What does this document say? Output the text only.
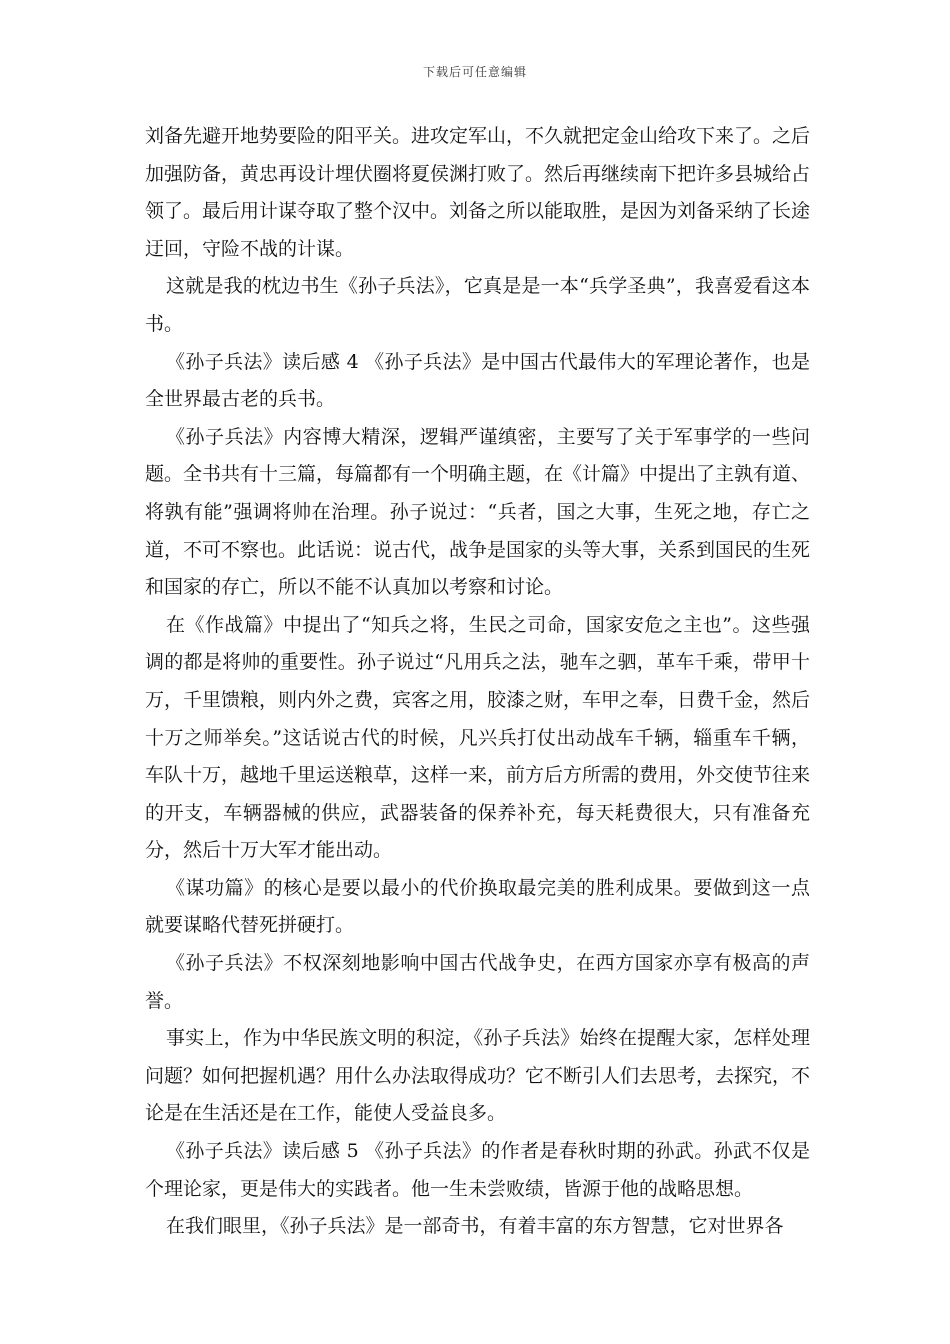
下载后可任意编辑

刘备先避开地势要险的阳平关。进攻定军山，不久就把定金山给攻下来了。之后加强防备，黄忠再设计埋伏圈将夏侯渊打败了。然后再继续南下把许多县城给占领了。最后用计谋夺取了整个汉中。刘备之所以能取胜，是因为刘备采纳了长途迂回，守险不战的计谋。

这就是我的枕边书生《孙子兵法》，它真是是一本“兵学圣典”，我喜爱看这本书。

《孙子兵法》读后感 4 《孙子兵法》是中国古代最伟大的军理论著作，也是全世界最古老的兵书。

《孙子兵法》内容博大精深，逻辑严谨缜密，主要写了关于军事学的一些问题。全书共有十三篇，每篇都有一个明确主题，在《计篇》中提出了主孰有道、将孰有能”强调将帅在治理。孙子说过：“兵者，国之大事，生死之地，存亡之道，不可不察也。此话说：说古代，战争是国家的头等大事，关系到国民的生死和国家的存亡，所以不能不认真加以考察和讨论。

在《作战篇》中提出了“知兵之将，生民之司命，国家安危之主也”。这些强调的都是将帅的重要性。孙子说过“凡用兵之法，驰车之驷，革车千乘，带甲十万，千里馈粮，则内外之费，宾客之用，胶漆之财，车甲之奉，日费千金，然后十万之师举矣。”这话说古代的时候，凡兴兵打仗出动战车千辆，辎重车千辆，车队十万，越地千里运送粮草，这样一来，前方后方所需的费用，外交使节往来的开支，车辆器械的供应，武器装备的保养补充，每天耗费很大，只有准备充分，然后十万大军才能出动。

《谋功篇》的核心是要以最小的代价换取最完美的胜利成果。要做到这一点就要谋略代替死拼硬打。

《孙子兵法》不权深刻地影响中国古代战争史，在西方国家亦享有极高的声誉。

事实上，作为中华民族文明的积淀，《孙子兵法》始终在提醒大家，怎样处理问题？如何把握机遇？用什么办法取得成功？它不断引人们去思考，去探究，不论是在生活还是在工作，能使人受益良多。

《孙子兵法》读后感 5 《孙子兵法》的作者是春秋时期的孙武。孙武不仅是个理论家，更是伟大的实践者。他一生未尝败绩，皆源于他的战略思想。

在我们眼里，《孙子兵法》是一部奇书，有着丰富的东方智慧，它对世界各
